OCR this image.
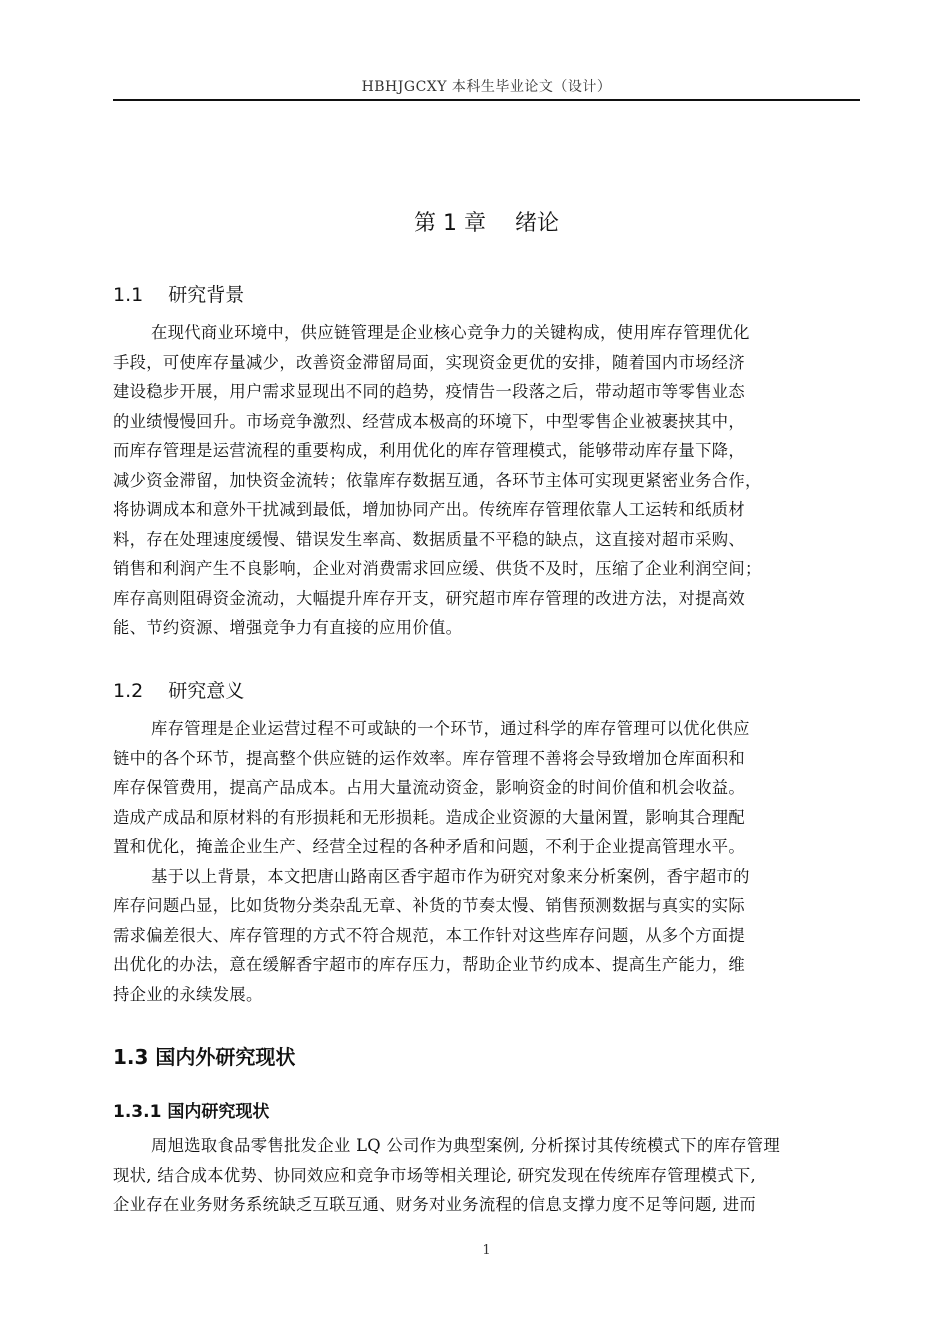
HBHJGCXY 本科生毕业论文（设计）
第 1 章　 绪论
1.1　 研究背景
在现代商业环境中，供应链管理是企业核心竞争力的关键构成，使用库存管理优化
手段，可使库存量减少，改善资金滞留局面，实现资金更优的安排，随着国内市场经济
建设稳步开展，用户需求显现出不同的趋势，疫情告一段落之后，带动超市等零售业态
的业绩慢慢回升。市场竞争激烈、经营成本极高的环境下，中型零售企业被裹挟其中，
而库存管理是运营流程的重要构成，利用优化的库存管理模式，能够带动库存量下降，
减少资金滞留，加快资金流转；依靠库存数据互通，各环节主体可实现更紧密业务合作，
将协调成本和意外干扰减到最低，增加协同产出。传统库存管理依靠人工运转和纸质材
料，存在处理速度缓慢、错误发生率高、数据质量不平稳的缺点，这直接对超市采购、
销售和利润产生不良影响，企业对消费需求回应缓、供货不及时，压缩了企业利润空间；
库存高则阻碍资金流动，大幅提升库存开支，研究超市库存管理的改进方法，对提高效
能、节约资源、增强竞争力有直接的应用价值。
1.2　 研究意义
库存管理是企业运营过程不可或缺的一个环节，通过科学的库存管理可以优化供应
链中的各个环节，提高整个供应链的运作效率。库存管理不善将会导致增加仓库面积和
库存保管费用，提高产品成本。占用大量流动资金，影响资金的时间价值和机会收益。
造成产成品和原材料的有形损耗和无形损耗。造成企业资源的大量闲置，影响其合理配
置和优化，掩盖企业生产、经营全过程的各种矛盾和问题，不利于企业提高管理水平。
基于以上背景，本文把唐山路南区香宇超市作为研究对象来分析案例，香宇超市的
库存问题凸显，比如货物分类杂乱无章、补货的节奏太慢、销售预测数据与真实的实际
需求偏差很大、库存管理的方式不符合规范，本工作针对这些库存问题，从多个方面提
出优化的办法，意在缓解香宇超市的库存压力，帮助企业节约成本、提高生产能力，维
持企业的永续发展。
1.3 国内外研究现状
1.3.1 国内研究现状
周旭选取食品零售批发企业 LQ 公司作为典型案例, 分析探讨其传统模式下的库存管理
现状, 结合成本优势、协同效应和竞争市场等相关理论, 研究发现在传统库存管理模式下,
企业存在业务财务系统缺乏互联互通、财务对业务流程的信息支撑力度不足等问题, 进而
1
